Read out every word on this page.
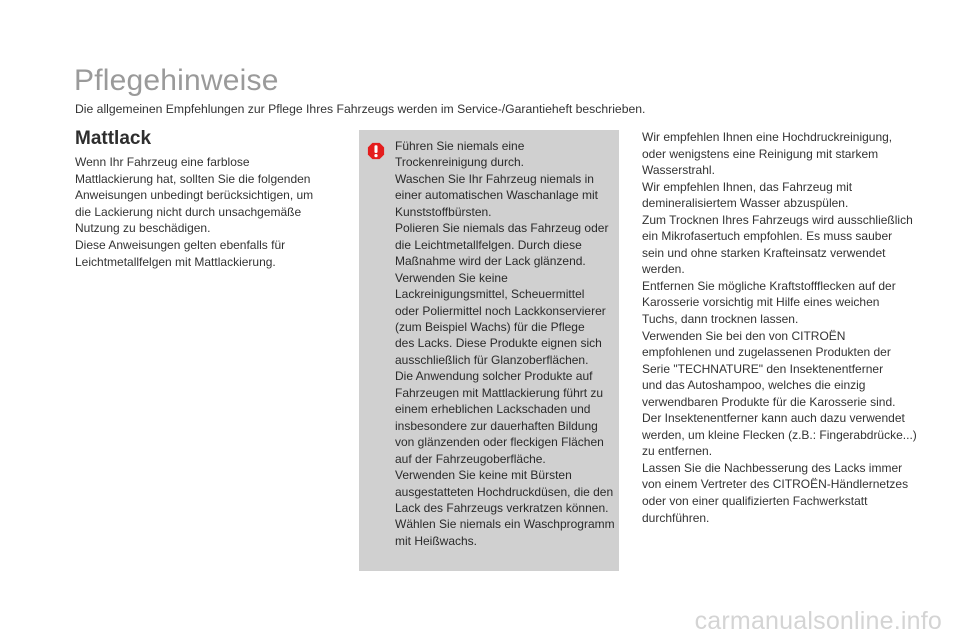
Pflegehinweise

Die allgemeinen Empfehlungen zur Pflege Ihres Fahrzeugs werden im Service-/Garantieheft beschrieben.

Mattlack

Wenn Ihr Fahrzeug eine farblose

Mattlackierung hat, sollten Sie die folgenden

Anweisungen unbedingt berücksichtigen, um

die Lackierung nicht durch unsachgemäße

Nutzung zu beschädigen.

Diese Anweisungen gelten ebenfalls für

Leichtmetallfelgen mit Mattlackierung.

Führen Sie niemals eine

Trockenreinigung durch.

Waschen Sie Ihr Fahrzeug niemals in

einer automatischen Waschanlage mit

Kunststoffbürsten.

Polieren Sie niemals das Fahrzeug oder

die Leichtmetallfelgen. Durch diese

Maßnahme wird der Lack glänzend.

Verwenden Sie keine

Lackreinigungsmittel, Scheuermittel

oder Poliermittel noch Lackkonservierer

(zum Beispiel Wachs) für die Pflege

des Lacks. Diese Produkte eignen sich

ausschließlich für Glanzoberflächen.

Die Anwendung solcher Produkte auf

Fahrzeugen mit Mattlackierung führt zu

einem erheblichen Lackschaden und

insbesondere zur dauerhaften Bildung

von glänzenden oder fleckigen Flächen

auf der Fahrzeugoberfläche.

Verwenden Sie keine mit Bürsten

ausgestatteten Hochdruckdüsen, die den

Lack des Fahrzeugs verkratzen können.

Wählen Sie niemals ein Waschprogramm

mit Heißwachs.

Wir empfehlen Ihnen eine Hochdruckreinigung,

oder wenigstens eine Reinigung mit starkem

Wasserstrahl.

Wir empfehlen Ihnen, das Fahrzeug mit

demineralisiertem Wasser abzuspülen.

Zum Trocknen Ihres Fahrzeugs wird ausschließlich

ein Mikrofasertuch empfohlen. Es muss sauber

sein und ohne starken Krafteinsatz verwendet

werden.

Entfernen Sie mögliche Kraftstoffflecken auf der

Karosserie vorsichtig mit Hilfe eines weichen

Tuchs, dann trocknen lassen.

Verwenden Sie bei den von CITROËN

empfohlenen und zugelassenen Produkten der

Serie "TECHNATURE" den Insektenentferner

und das Autoshampoo, welches die einzig

verwendbaren Produkte für die Karosserie sind.

Der Insektenentferner kann auch dazu verwendet

werden, um kleine Flecken (z.B.: Fingerabdrücke...)

zu entfernen.

Lassen Sie die Nachbesserung des Lacks immer

von einem Vertreter des CITROËN-Händlernetzes

oder von einer qualifizierten Fachwerkstatt

durchführen.

carmanualsonline.info
